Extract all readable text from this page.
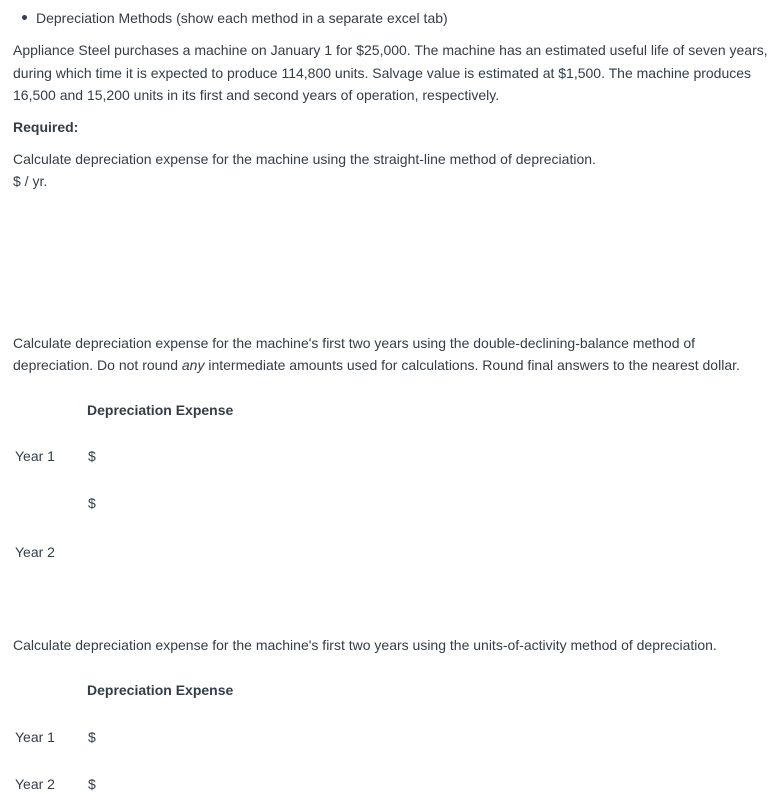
Depreciation Methods (show each method in a separate excel tab)
Appliance Steel purchases a machine on January 1 for $25,000. The machine has an estimated useful life of seven years,
during which time it is expected to produce 114,800 units. Salvage value is estimated at $1,500. The machine produces
16,500 and 15,200 units in its first and second years of operation, respectively.
Required:
Calculate depreciation expense for the machine using the straight-line method of depreciation.
$ / yr.
Calculate depreciation expense for the machine's first two years using the double-declining-balance method of
depreciation. Do not round any intermediate amounts used for calculations. Round final answers to the nearest dollar.
Depreciation Expense
Year 1 $
$
Year 2
Calculate depreciation expense for the machine's first two years using the units-of-activity method of depreciation.
Depreciation Expense
Year 1 $
Year 2 $
